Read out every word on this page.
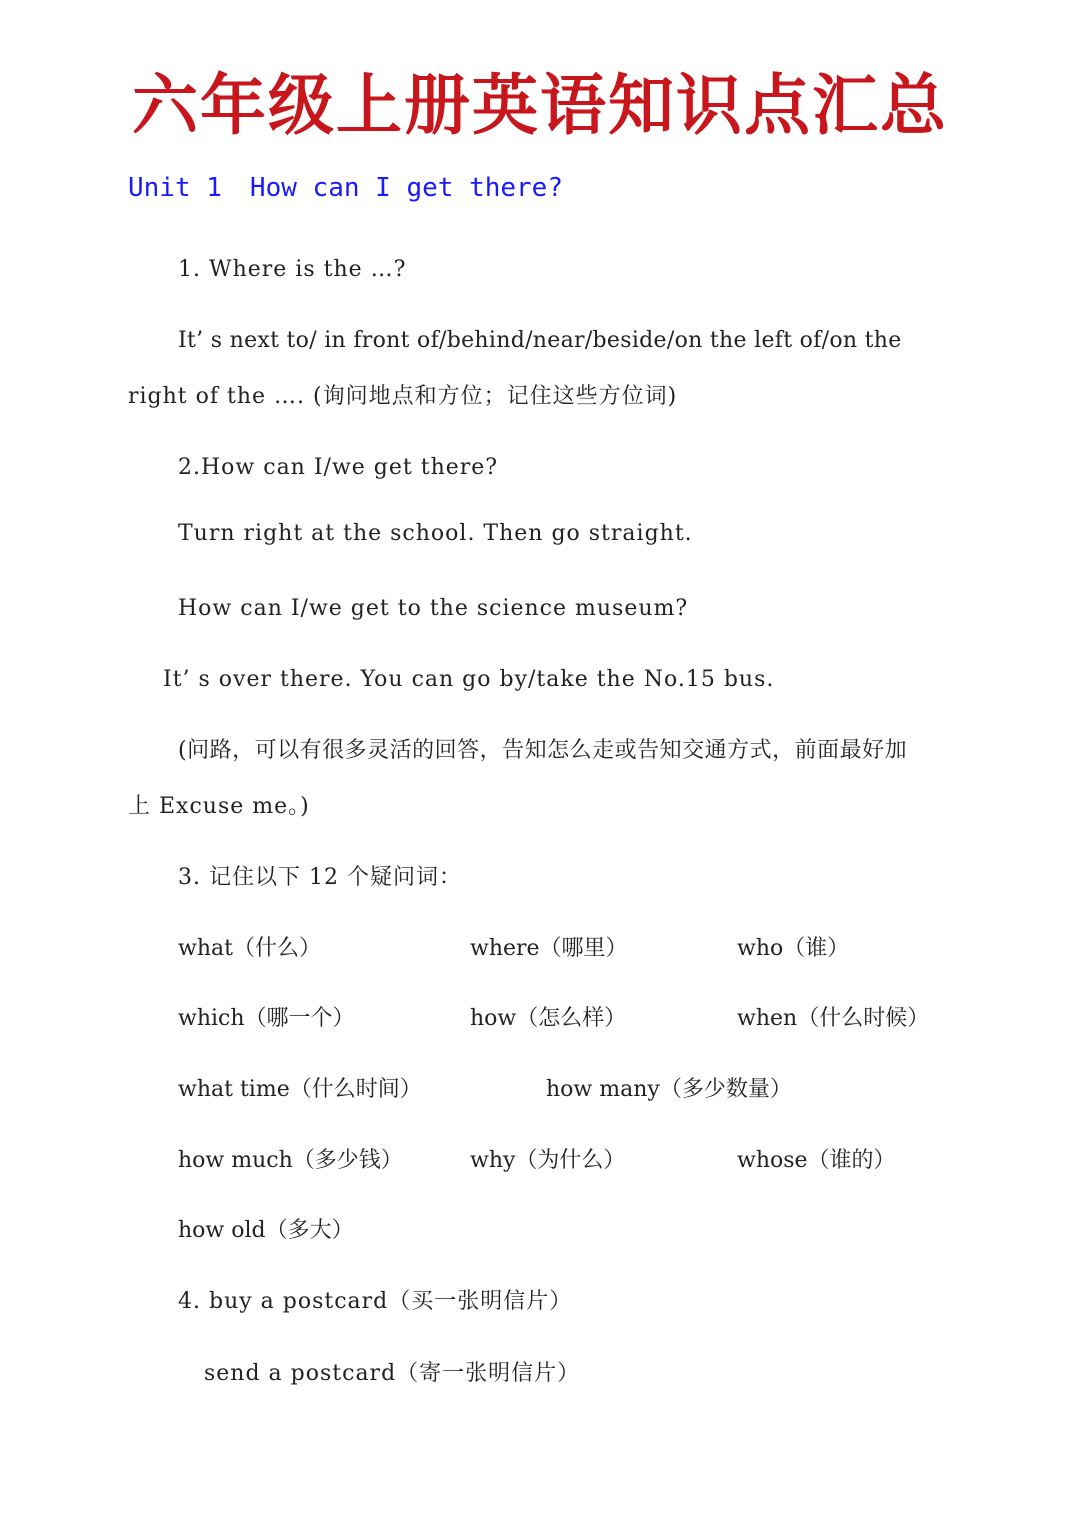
六年级上册英语知识点汇总
Unit 1 How can I get there?
1. Where is the …?
It’ s next to/ in front of/behind/near/beside/on the left of/on the
right of the …. (询问地点和方位；记住这些方位词)
2.How can I/we get there?
Turn right at the school. Then go straight.
How can I/we get to the science museum?
It’ s over there. You can go by/take the No.15 bus.
(问路，可以有很多灵活的回答，告知怎么走或告知交通方式，前面最好加
上 Excuse me。)
3. 记住以下 12 个疑问词：
what（什么）	where（哪里）	who（谁）
which（哪一个）	how（怎么样）	when（什么时候）
what time（什么时间）	how many（多少数量）
how much（多少钱）	why（为什么）	whose（谁的）
how old（多大）
4. buy a postcard（买一张明信片）
send a postcard（寄一张明信片）
